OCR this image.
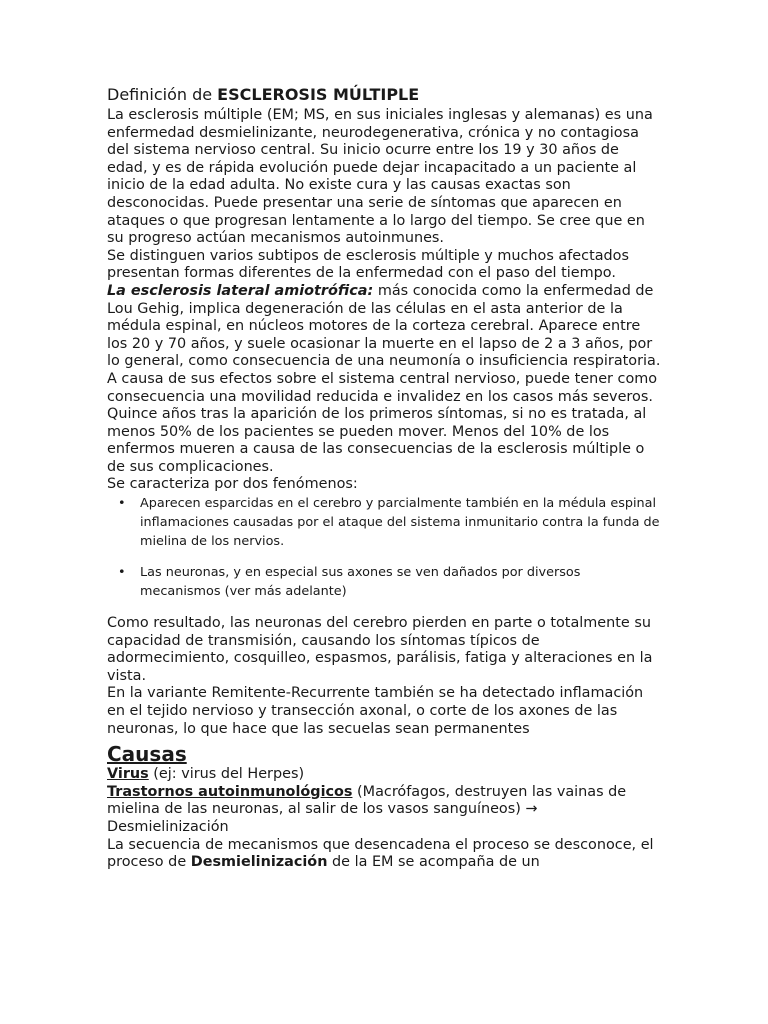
Definición de ESCLEROSIS MÚLTIPLE

La esclerosis múltiple (EM; MS, en sus iniciales inglesas y alemanas) es una enfermedad desmielinizante, neurodegenerativa, crónica y no contagiosa del sistema nervioso central. Su inicio ocurre entre los 19 y 30 años de edad, y es de rápida evolución puede dejar incapacitado a un paciente al inicio de la edad adulta. No existe cura y las causas exactas son desconocidas. Puede presentar una serie de síntomas que aparecen en ataques o que progresan lentamente a lo largo del tiempo. Se cree que en su progreso actúan mecanismos autoinmunes.

Se distinguen varios subtipos de esclerosis múltiple y muchos afectados presentan formas diferentes de la enfermedad con el paso del tiempo.

La esclerosis lateral amiotrófica: más conocida como la enfermedad de Lou Gehig, implica degeneración de las células en el asta anterior de la médula espinal, en núcleos motores de la corteza cerebral. Aparece entre los 20 y 70 años, y suele ocasionar la muerte en el lapso de 2 a 3 años, por lo general, como consecuencia de una neumonía o insuficiencia respiratoria.

A causa de sus efectos sobre el sistema central nervioso, puede tener como consecuencia una movilidad reducida e invalidez en los casos más severos. Quince años tras la aparición de los primeros síntomas, si no es tratada, al menos 50% de los pacientes se pueden mover. Menos del 10% de los enfermos mueren a causa de las consecuencias de la esclerosis múltiple o de sus complicaciones.

Se caracteriza por dos fenómenos:

• Aparecen esparcidas en el cerebro y parcialmente también en la médula espinal inflamaciones causadas por el ataque del sistema inmunitario contra la funda de mielina de los nervios.
• Las neuronas, y en especial sus axones se ven dañados por diversos mecanismos (ver más adelante)

Como resultado, las neuronas del cerebro pierden en parte o totalmente su capacidad de transmisión, causando los síntomas típicos de adormecimiento, cosquilleo, espasmos, parálisis, fatiga y alteraciones en la vista.

En la variante Remitente-Recurrente también se ha detectado inflamación en el tejido nervioso y transección axonal, o corte de los axones de las neuronas, lo que hace que las secuelas sean permanentes

Causas

Virus (ej: virus del Herpes)

Trastornos autoinmunológicos (Macrófagos, destruyen las vainas de mielina de las neuronas, al salir de los vasos sanguíneos) → Desmielinización

La secuencia de mecanismos que desencadena el proceso se desconoce, el proceso de Desmielinización de la EM se acompaña de un
